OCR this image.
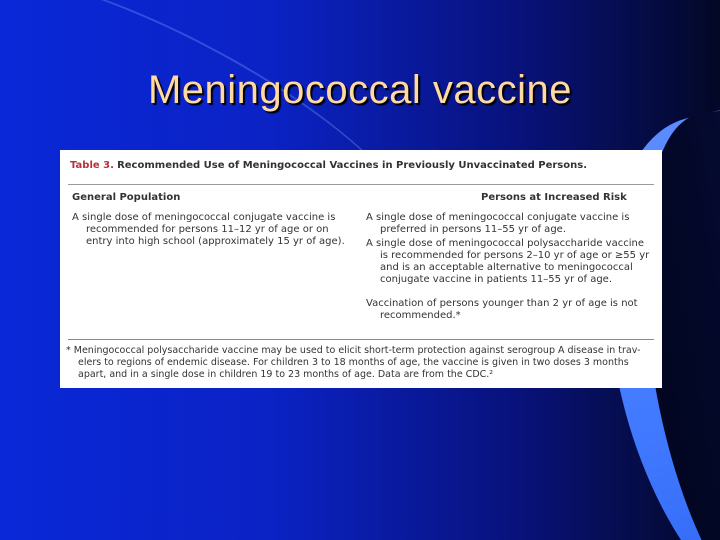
Meningococcal vaccine
Table 3. Recommended Use of Meningococcal Vaccines in Previously Unvaccinated Persons.
General Population	Persons at Increased Risk
A single dose of meningococcal conjugate vaccine is
recommended for persons 11–12 yr of age or on
entry into high school (approximately 15 yr of age).
A single dose of meningococcal conjugate vaccine is
preferred in persons 11–55 yr of age.
A single dose of meningococcal polysaccharide vaccine
is recommended for persons 2–10 yr of age or ≥55 yr
and is an acceptable alternative to meningococcal
conjugate vaccine in patients 11–55 yr of age.
Vaccination of persons younger than 2 yr of age is not
recommended.*
* Meningococcal polysaccharide vaccine may be used to elicit short-term protection against serogroup A disease in trav-
elers to regions of endemic disease. For children 3 to 18 months of age, the vaccine is given in two doses 3 months
apart, and in a single dose in children 19 to 23 months of age. Data are from the CDC.²
